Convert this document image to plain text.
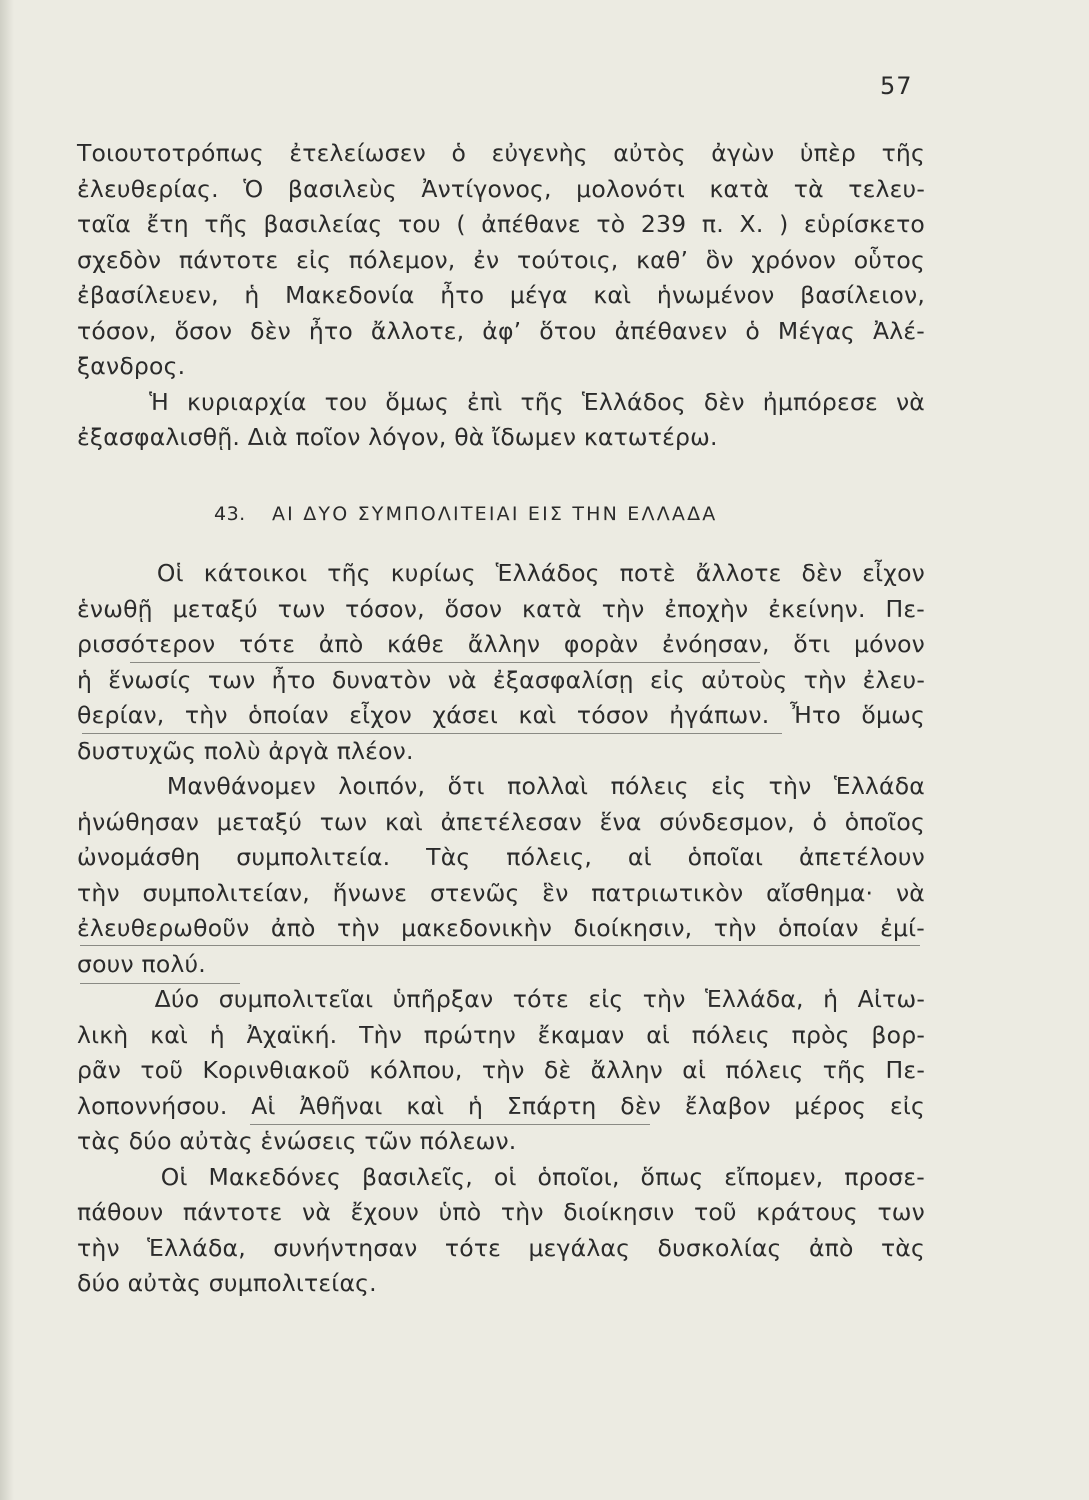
57
Τοιουτοτρόπως ἐτελείωσεν ὁ εὐγενὴς αὐτὸς ἀγὼν ὑπὲρ τῆς
ἐλευθερίας. Ὁ βασιλεὺς Ἀντίγονος, μολονότι κατὰ τὰ τελευ-
ταῖα ἔτη τῆς βασιλείας του ( ἀπέθανε τὸ 239 π. Χ. ) εὑρίσκετο
σχεδὸν πάντοτε εἰς πόλεμον, ἐν τούτοις, καθ’ ὃν χρόνον οὗτος
ἐβασίλευεν, ἡ Μακεδονία ἦτο μέγα καὶ ἡνωμένον βασίλειον,
τόσον, ὅσον δὲν ἦτο ἄλλοτε, ἀφ’ ὅτου ἀπέθανεν ὁ Μέγας Ἀλέ-
ξανδρος.
Ἡ κυριαρχία του ὅμως ἐπὶ τῆς Ἑλλάδος δὲν ἠμπόρεσε νὰ
ἐξασφαλισθῇ. Διὰ ποῖον λόγον, θὰ ἴδωμεν κατωτέρω.
43. ΑΙ ΔΥΟ ΣΥΜΠΟΛΙΤΕΙΑΙ ΕΙΣ ΤΗΝ ΕΛΛΑΔΑ
Οἱ κάτοικοι τῆς κυρίως Ἑλλάδος ποτὲ ἄλλοτε δὲν εἶχον
ἑνωθῇ μεταξύ των τόσον, ὅσον κατὰ τὴν ἐποχὴν ἐκείνην. Πε-
ρισσότερον τότε ἀπὸ κάθε ἄλλην φορὰν ἐνόησαν, ὅτι μόνον
ἡ ἕνωσίς των ἦτο δυνατὸν νὰ ἐξασφαλίσῃ εἰς αὐτοὺς τὴν ἐλευ-
θερίαν, τὴν ὁποίαν εἶχον χάσει καὶ τόσον ἠγάπων. Ἦτο ὅμως
δυστυχῶς πολὺ ἀργὰ πλέον.
Μανθάνομεν λοιπόν, ὅτι πολλαὶ πόλεις εἰς τὴν Ἑλλάδα
ἡνώθησαν μεταξύ των καὶ ἀπετέλεσαν ἕνα σύνδεσμον, ὁ ὁποῖος
ὠνομάσθη συμπολιτεία. Τὰς πόλεις, αἱ ὁποῖαι ἀπετέλουν
τὴν συμπολιτείαν, ἥνωνε στενῶς ἓν πατριωτικὸν αἴσθημα· νὰ
ἐλευθερωθοῦν ἀπὸ τὴν μακεδονικὴν διοίκησιν, τὴν ὁποίαν ἐμί-
σουν πολύ.
Δύο συμπολιτεῖαι ὑπῆρξαν τότε εἰς τὴν Ἑλλάδα, ἡ Αἰτω-
λικὴ καὶ ἡ Ἀχαϊκή. Τὴν πρώτην ἔκαμαν αἱ πόλεις πρὸς βορ-
ρᾶν τοῦ Κορινθιακοῦ κόλπου, τὴν δὲ ἄλλην αἱ πόλεις τῆς Πε-
λοποννήσου. Αἱ Ἀθῆναι καὶ ἡ Σπάρτη δὲν ἔλαβον μέρος εἰς
τὰς δύο αὐτὰς ἑνώσεις τῶν πόλεων.
Οἱ Μακεδόνες βασιλεῖς, οἱ ὁποῖοι, ὅπως εἴπομεν, προσε-
πάθουν πάντοτε νὰ ἔχουν ὑπὸ τὴν διοίκησιν τοῦ κράτους των
τὴν Ἑλλάδα, συνήντησαν τότε μεγάλας δυσκολίας ἀπὸ τὰς
δύο αὐτὰς συμπολιτείας.
